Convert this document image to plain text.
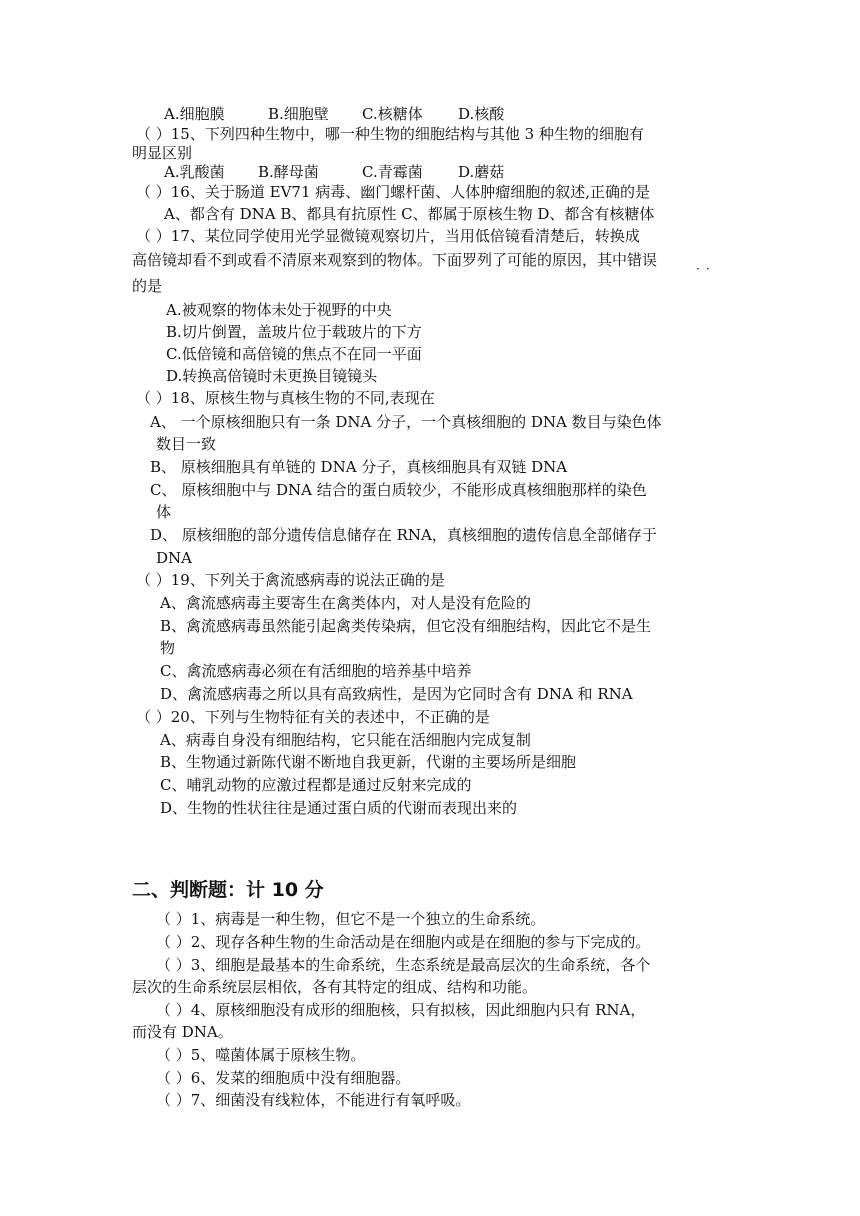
A.细胞膜	B.细胞壁 C.核糖体 D.核酸
（ ）15、下列四种生物中，哪一种生物的细胞结构与其他 3 种生物的细胞有
明显区别
A.乳酸菌 B.酵母菌	C.青霉菌 D.蘑菇
（ ）16、关于肠道 EV71 病毒、幽门螺杆菌、人体肿瘤细胞的叙述,正确的是
A、都含有 DNA B、都具有抗原性 C、都属于原核生物 D、都含有核糖体
（ ）17、某位同学使用光学显微镜观察切片，当用低倍镜看清楚后，转换成
高倍镜却看不到或看不清原来观察到的物体。下面罗列了可能的原因，其中错误	··
的是
A.被观察的物体未处于视野的中央
B.切片倒置，盖玻片位于载玻片的下方
C.低倍镜和高倍镜的焦点不在同一平面
D.转换高倍镜时未更换目镜镜头
（ ）18、原核生物与真核生物的不同,表现在
A、 一个原核细胞只有一条 DNA 分子，一个真核细胞的 DNA 数目与染色体
数目一致
B、 原核细胞具有单链的 DNA 分子，真核细胞具有双链 DNA
C、 原核细胞中与 DNA 结合的蛋白质较少，不能形成真核细胞那样的染色
体
D、 原核细胞的部分遗传信息储存在 RNA，真核细胞的遗传信息全部储存于
DNA
（ ）19、下列关于禽流感病毒的说法正确的是
A、禽流感病毒主要寄生在禽类体内，对人是没有危险的
B、禽流感病毒虽然能引起禽类传染病，但它没有细胞结构，因此它不是生
物
C、禽流感病毒必须在有活细胞的培养基中培养
D、禽流感病毒之所以具有高致病性，是因为它同时含有 DNA 和 RNA
（ ）20、下列与生物特征有关的表述中，不正确的是
A、病毒自身没有细胞结构，它只能在活细胞内完成复制
B、生物通过新陈代谢不断地自我更新，代谢的主要场所是细胞
C、哺乳动物的应激过程都是通过反射来完成的
D、生物的性状往往是通过蛋白质的代谢而表现出来的
二、判断题：计 10 分
（ ）1、病毒是一种生物，但它不是一个独立的生命系统。
（ ）2、现存各种生物的生命活动是在细胞内或是在细胞的参与下完成的。
（ ）3、细胞是最基本的生命系统，生态系统是最高层次的生命系统，各个
层次的生命系统层层相依，各有其特定的组成、结构和功能。
（ ）4、原核细胞没有成形的细胞核，只有拟核，因此细胞内只有 RNA，
而没有 DNA。
（ ）5、噬菌体属于原核生物。
（ ）6、发菜的细胞质中没有细胞器。
（ ）7、细菌没有线粒体，不能进行有氧呼吸。
